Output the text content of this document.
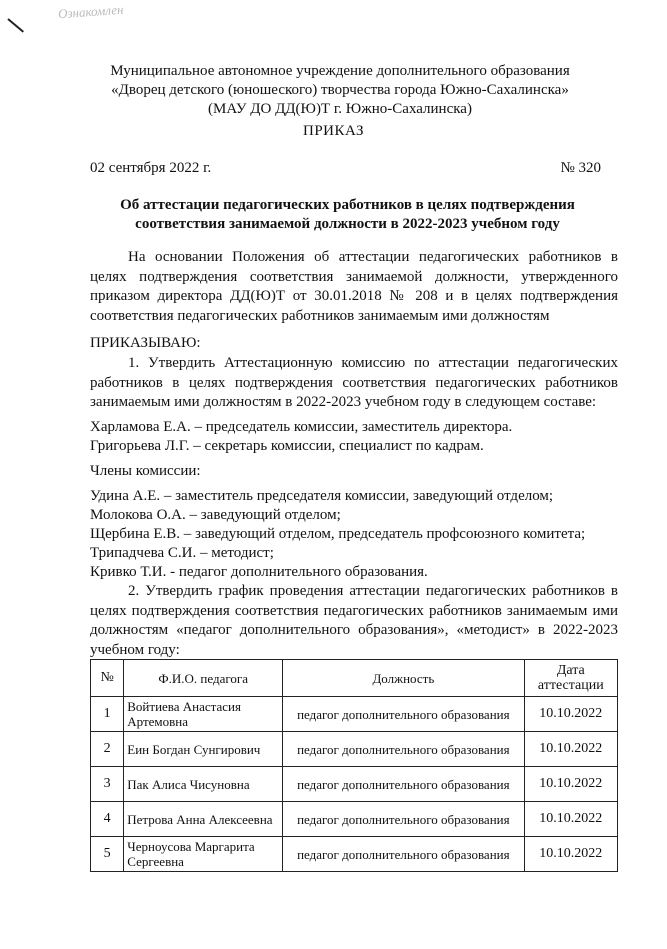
Ознакомлен
Муниципальное автономное учреждение дополнительного образования
«Дворец детского (юношеского) творчества города Южно-Сахалинска»
(МАУ ДО ДД(Ю)Т г. Южно-Сахалинска)
ПРИКАЗ
02 сентября 2022 г.	№ 320
Об аттестации педагогических работников в целях подтверждения
соответствия занимаемой должности в 2022-2023 учебном году

На основании Положения об аттестации педагогических работников в целях подтверждения соответствия занимаемой должности, утвержденного приказом директора ДД(Ю)Т от 30.01.2018 № 208 и в целях подтверждения соответствия педагогических работников занимаемым ими должностям

ПРИКАЗЫВАЮ:

1. Утвердить Аттестационную комиссию по аттестации педагогических работников в целях подтверждения соответствия педагогических работников занимаемым ими должностям в 2022-2023 учебном году в следующем составе:

Харламова Е.А. – председатель комиссии, заместитель директора.

Григорьева Л.Г. – секретарь комиссии, специалист по кадрам.

Члены комиссии:

Удина А.Е. – заместитель председателя комиссии, заведующий отделом;

Молокова О.А. – заведующий отделом;

Щербина Е.В. – заведующий отделом, председатель профсоюзного комитета;

Трипадчева С.И. – методист;

Кривко Т.И. - педагог дополнительного образования.

2. Утвердить график проведения аттестации педагогических работников в целях подтверждения соответствия педагогических работников занимаемым ими должностям «педагог дополнительного образования», «методист» в 2022-2023 учебном году:

№	Ф.И.О. педагога	Должность	Дата аттестации
1	Войтиева Анастасия Артемовна	педагог дополнительного образования	10.10.2022
2	Еин Богдан Сунгирович	педагог дополнительного образования	10.10.2022
3	Пак Алиса Чисуновна	педагог дополнительного образования	10.10.2022
4	Петрова Анна Алексеевна	педагог дополнительного образования	10.10.2022
5	Черноусова Маргарита Сергеевна	педагог дополнительного образования	10.10.2022
